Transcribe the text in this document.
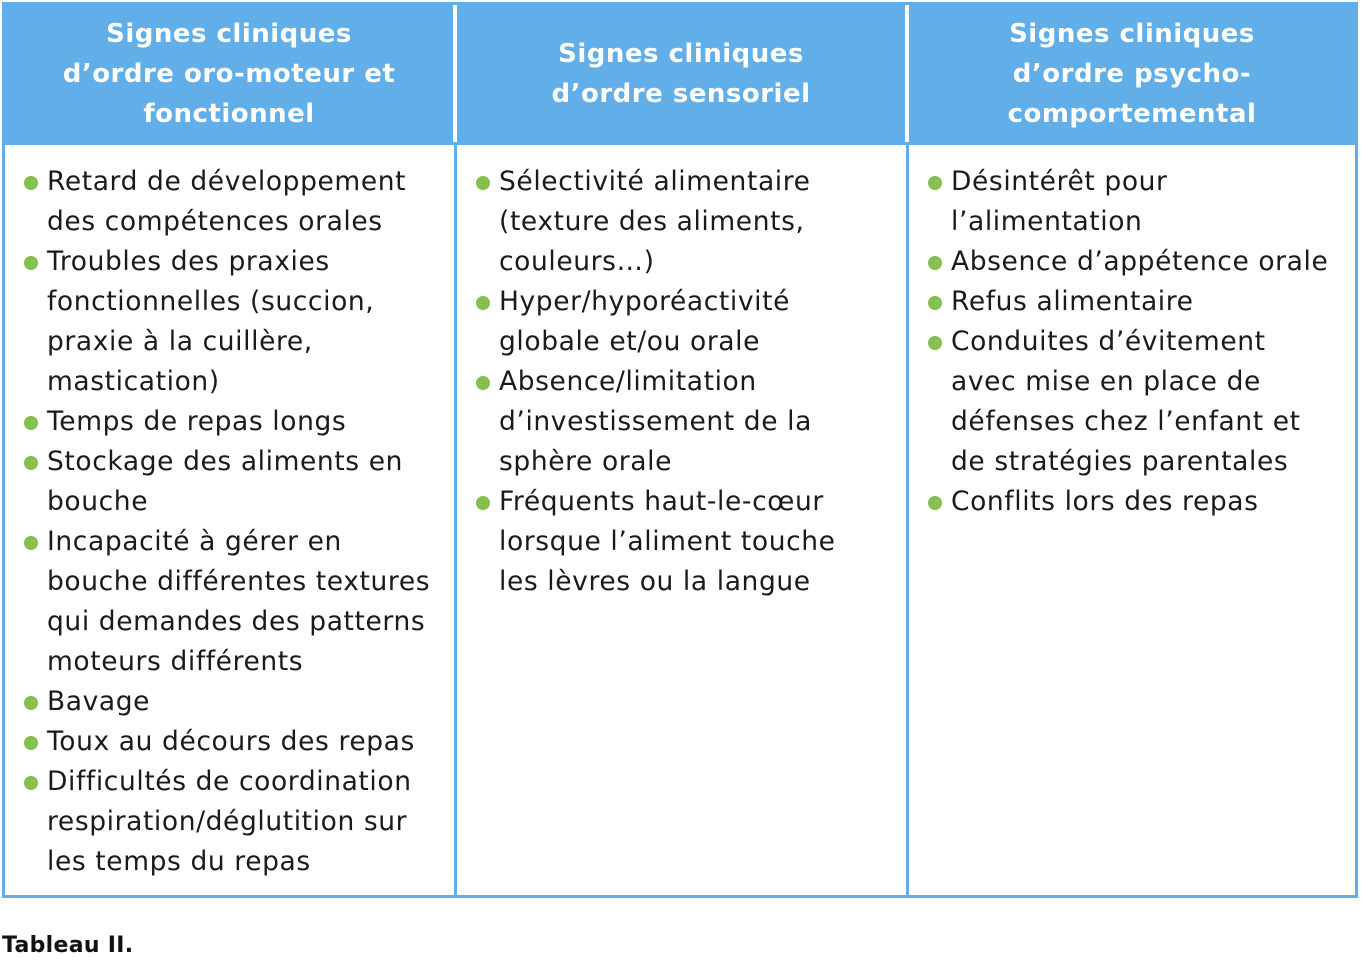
Signes cliniques
d’ordre oro-moteur et
fonctionnel
Signes cliniques
d’ordre sensoriel
Signes cliniques
d’ordre psycho-
comportemental
Retard de développement
des compétences orales
Troubles des praxies
fonctionnelles (succion,
praxie à la cuillère,
mastication)
Temps de repas longs
Stockage des aliments en
bouche
Incapacité à gérer en
bouche différentes textures
qui demandes des patterns
moteurs différents
Bavage
Toux au décours des repas
Difficultés de coordination
respiration/déglutition sur
les temps du repas
Sélectivité alimentaire
(texture des aliments,
couleurs…)
Hyper/hyporéactivité
globale et/ou orale
Absence/limitation
d’investissement de la
sphère orale
Fréquents haut-le-cœur
lorsque l’aliment touche
les lèvres ou la langue
Désintérêt pour
l’alimentation
Absence d’appétence orale
Refus alimentaire
Conduites d’évitement
avec mise en place de
défenses chez l’enfant et
de stratégies parentales
Conflits lors des repas
Tableau II.
